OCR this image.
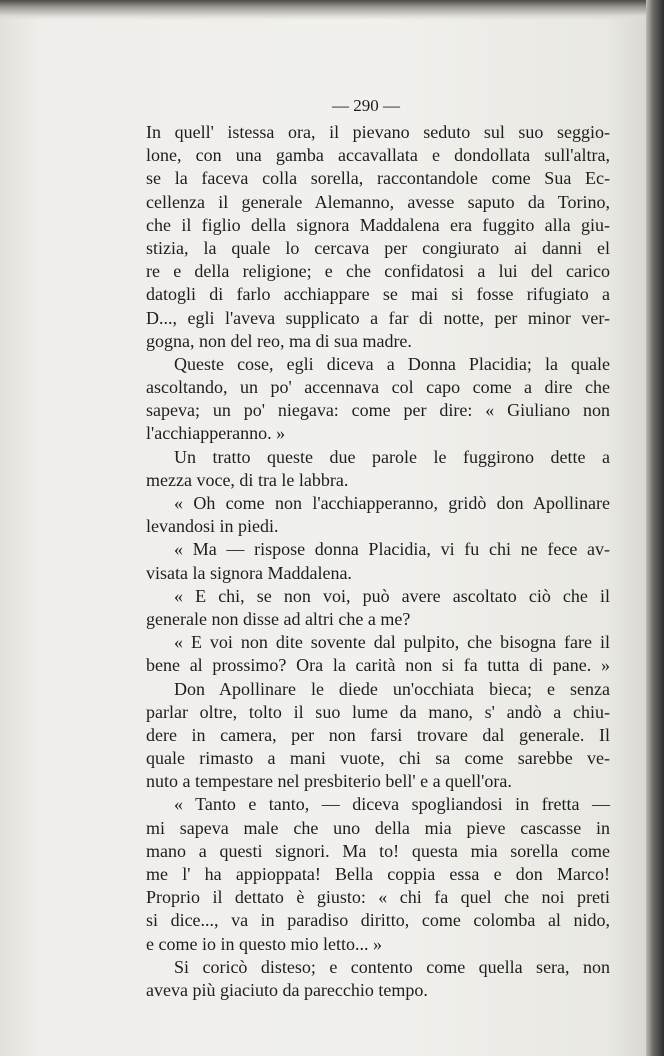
— 290 —
In quell' istessa ora, il pievano seduto sul suo seggio-
lone, con una gamba accavallata e dondollata sull'altra,
se la faceva colla sorella, raccontandole come Sua Ec-
cellenza il generale Alemanno, avesse saputo da Torino,
che il figlio della signora Maddalena era fuggito alla giu-
stizia, la quale lo cercava per congiurato ai danni el
re e della religione; e che confidatosi a lui del carico
datogli di farlo acchiappare se mai si fosse rifugiato a
D..., egli l'aveva supplicato a far di notte, per minor ver-
gogna, non del reo, ma di sua madre.
Queste cose, egli diceva a Donna Placidia; la quale
ascoltando, un po' accennava col capo come a dire che
sapeva; un po' niegava: come per dire: « Giuliano non
l'acchiapperanno. »
Un tratto queste due parole le fuggirono dette a
mezza voce, di tra le labbra.
« Oh come non l'acchiapperanno, gridò don Apollinare
levandosi in piedi.
« Ma — rispose donna Placidia, vi fu chi ne fece av-
visata la signora Maddalena.
« E chi, se non voi, può avere ascoltato ciò che il
generale non disse ad altri che a me?
« E voi non dite sovente dal pulpito, che bisogna fare il
bene al prossimo? Ora la carità non si fa tutta di pane. »
Don Apollinare le diede un'occhiata bieca; e senza
parlar oltre, tolto il suo lume da mano, s' andò a chiu-
dere in camera, per non farsi trovare dal generale. Il
quale rimasto a mani vuote, chi sa come sarebbe ve-
nuto a tempestare nel presbiterio bell' e a quell'ora.
« Tanto e tanto, — diceva spogliandosi in fretta —
mi sapeva male che uno della mia pieve cascasse in
mano a questi signori. Ma to! questa mia sorella come
me l' ha appioppata! Bella coppia essa e don Marco!
Proprio il dettato è giusto: « chi fa quel che noi preti
si dice..., va in paradiso diritto, come colomba al nido,
e come io in questo mio letto... »
Si coricò disteso; e contento come quella sera, non
aveva più giaciuto da parecchio tempo.
